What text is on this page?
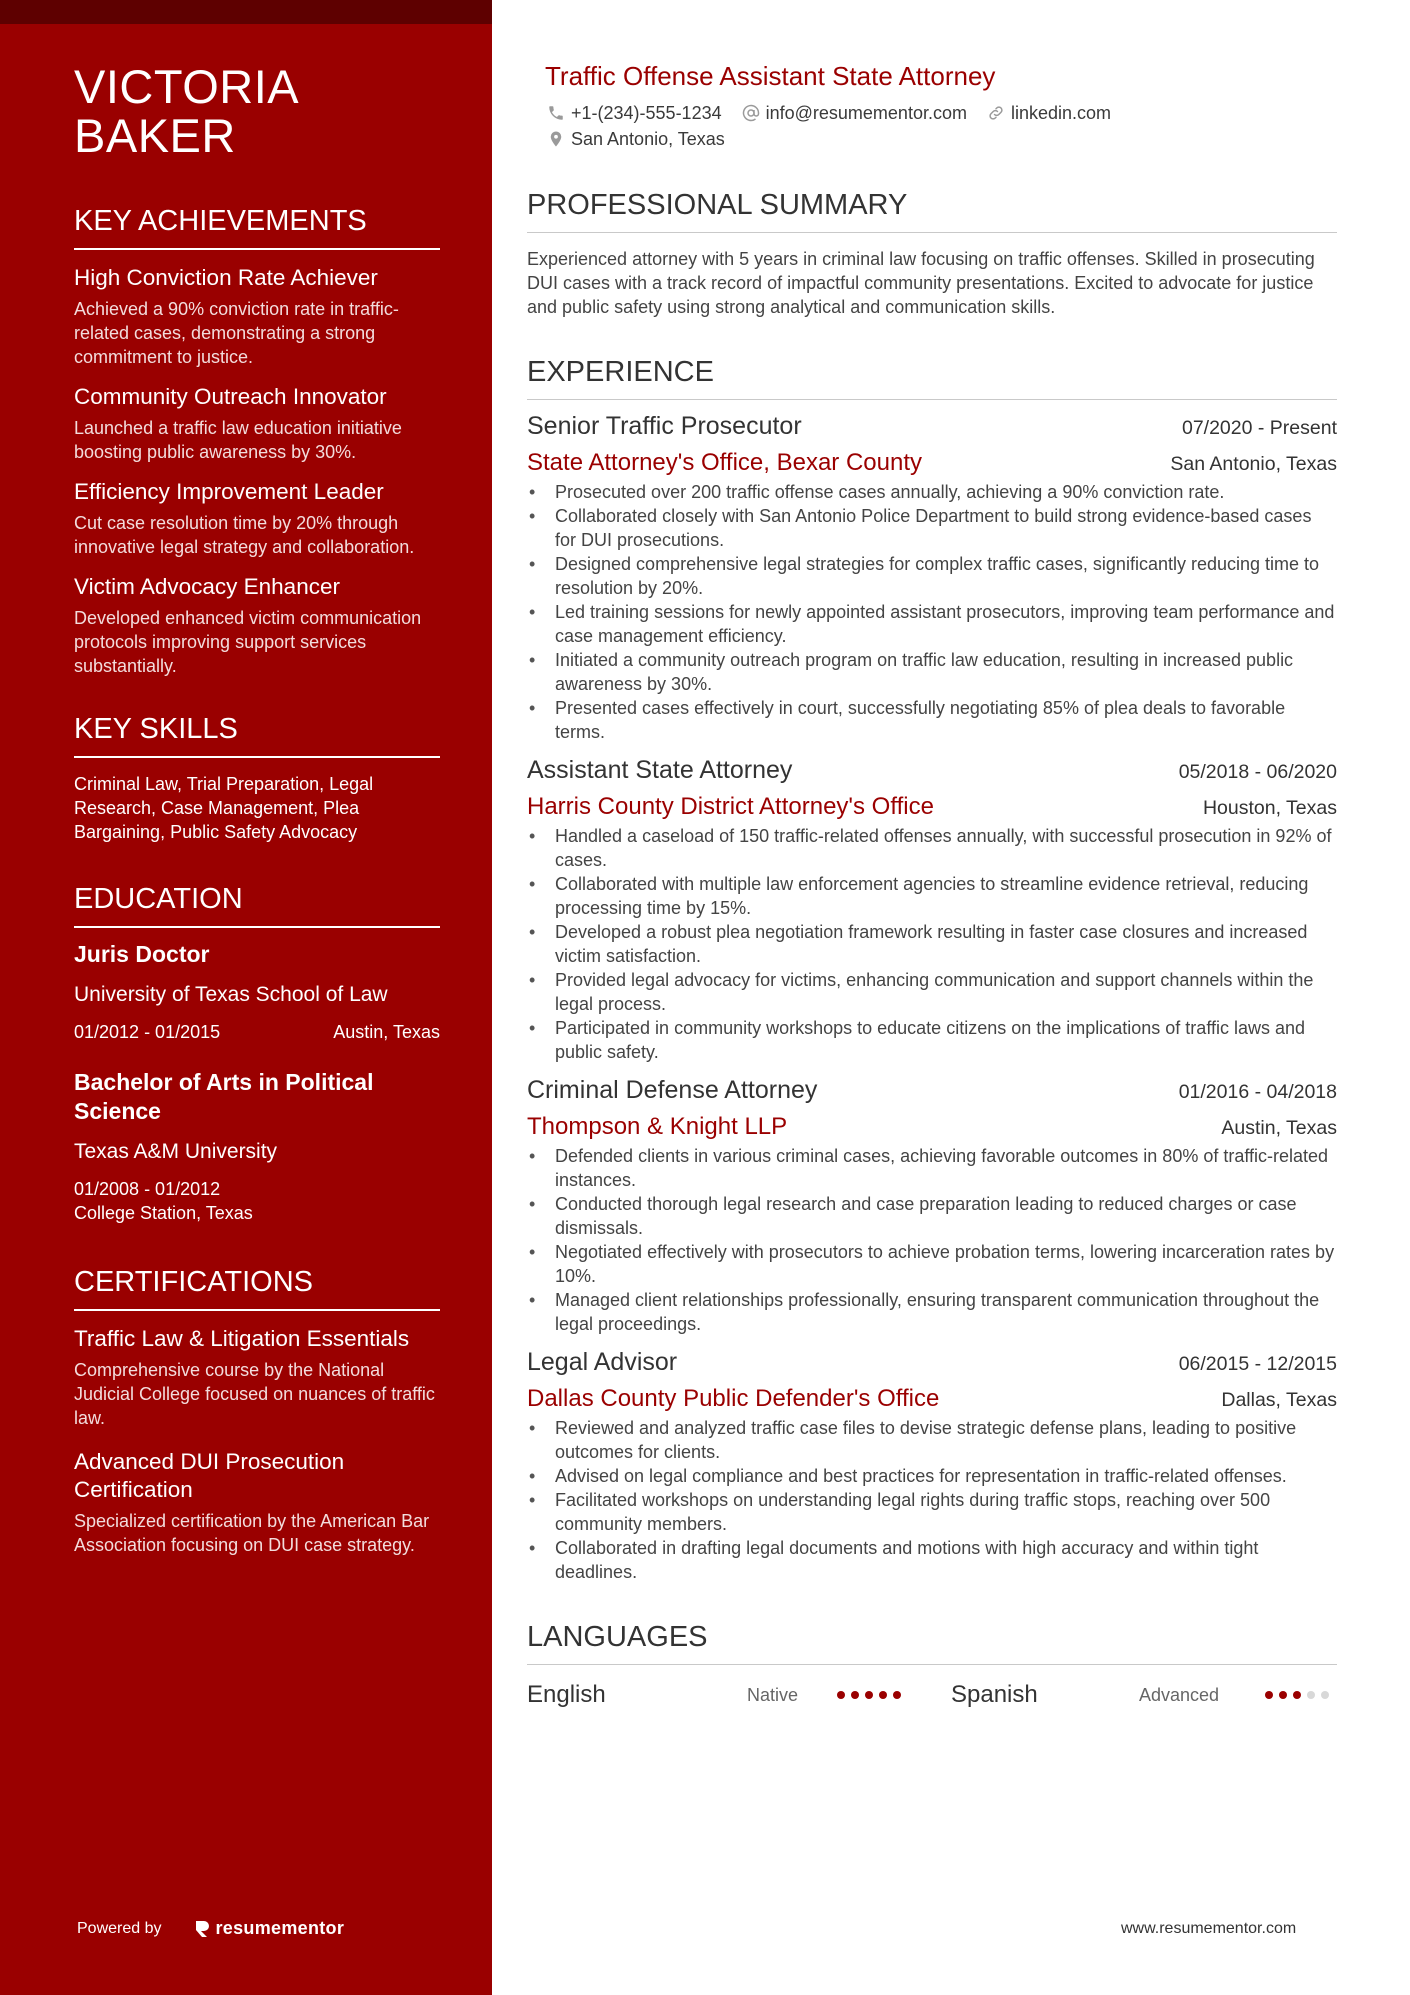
VICTORIA
BAKER
KEY ACHIEVEMENTS
High Conviction Rate Achiever
Achieved a 90% conviction rate in traffic-related cases, demonstrating a strong commitment to justice.
Community Outreach Innovator
Launched a traffic law education initiative boosting public awareness by 30%.
Efficiency Improvement Leader
Cut case resolution time by 20% through innovative legal strategy and collaboration.
Victim Advocacy Enhancer
Developed enhanced victim communication protocols improving support services substantially.
KEY SKILLS
Criminal Law, Trial Preparation, Legal Research, Case Management, Plea Bargaining, Public Safety Advocacy
EDUCATION
Juris Doctor
University of Texas School of Law
01/2012 - 01/2015	Austin, Texas
Bachelor of Arts in Political Science
Texas A&M University
01/2008 - 01/2012
College Station, Texas
CERTIFICATIONS
Traffic Law & Litigation Essentials
Comprehensive course by the National Judicial College focused on nuances of traffic law.
Advanced DUI Prosecution Certification
Specialized certification by the American Bar Association focusing on DUI case strategy.
Powered by	resumementor
Traffic Offense Assistant State Attorney
+1-(234)-555-1234 info@resumementor.com linkedin.com
San Antonio, Texas
PROFESSIONAL SUMMARY
Experienced attorney with 5 years in criminal law focusing on traffic offenses. Skilled in prosecuting DUI cases with a track record of impactful community presentations. Excited to advocate for justice and public safety using strong analytical and communication skills.
EXPERIENCE
Senior Traffic Prosecutor	07/2020 - Present
State Attorney's Office, Bexar County	San Antonio, Texas
• Prosecuted over 200 traffic offense cases annually, achieving a 90% conviction rate.
• Collaborated closely with San Antonio Police Department to build strong evidence-based cases for DUI prosecutions.
• Designed comprehensive legal strategies for complex traffic cases, significantly reducing time to resolution by 20%.
• Led training sessions for newly appointed assistant prosecutors, improving team performance and case management efficiency.
• Initiated a community outreach program on traffic law education, resulting in increased public awareness by 30%.
• Presented cases effectively in court, successfully negotiating 85% of plea deals to favorable terms.
Assistant State Attorney	05/2018 - 06/2020
Harris County District Attorney's Office	Houston, Texas
• Handled a caseload of 150 traffic-related offenses annually, with successful prosecution in 92% of cases.
• Collaborated with multiple law enforcement agencies to streamline evidence retrieval, reducing processing time by 15%.
• Developed a robust plea negotiation framework resulting in faster case closures and increased victim satisfaction.
• Provided legal advocacy for victims, enhancing communication and support channels within the legal process.
• Participated in community workshops to educate citizens on the implications of traffic laws and public safety.
Criminal Defense Attorney	01/2016 - 04/2018
Thompson & Knight LLP	Austin, Texas
• Defended clients in various criminal cases, achieving favorable outcomes in 80% of traffic-related instances.
• Conducted thorough legal research and case preparation leading to reduced charges or case dismissals.
• Negotiated effectively with prosecutors to achieve probation terms, lowering incarceration rates by 10%.
• Managed client relationships professionally, ensuring transparent communication throughout the legal proceedings.
Legal Advisor	06/2015 - 12/2015
Dallas County Public Defender's Office	Dallas, Texas
• Reviewed and analyzed traffic case files to devise strategic defense plans, leading to positive outcomes for clients.
• Advised on legal compliance and best practices for representation in traffic-related offenses.
• Facilitated workshops on understanding legal rights during traffic stops, reaching over 500 community members.
• Collaborated in drafting legal documents and motions with high accuracy and within tight deadlines.
LANGUAGES
English	Native	Spanish	Advanced
www.resumementor.com
